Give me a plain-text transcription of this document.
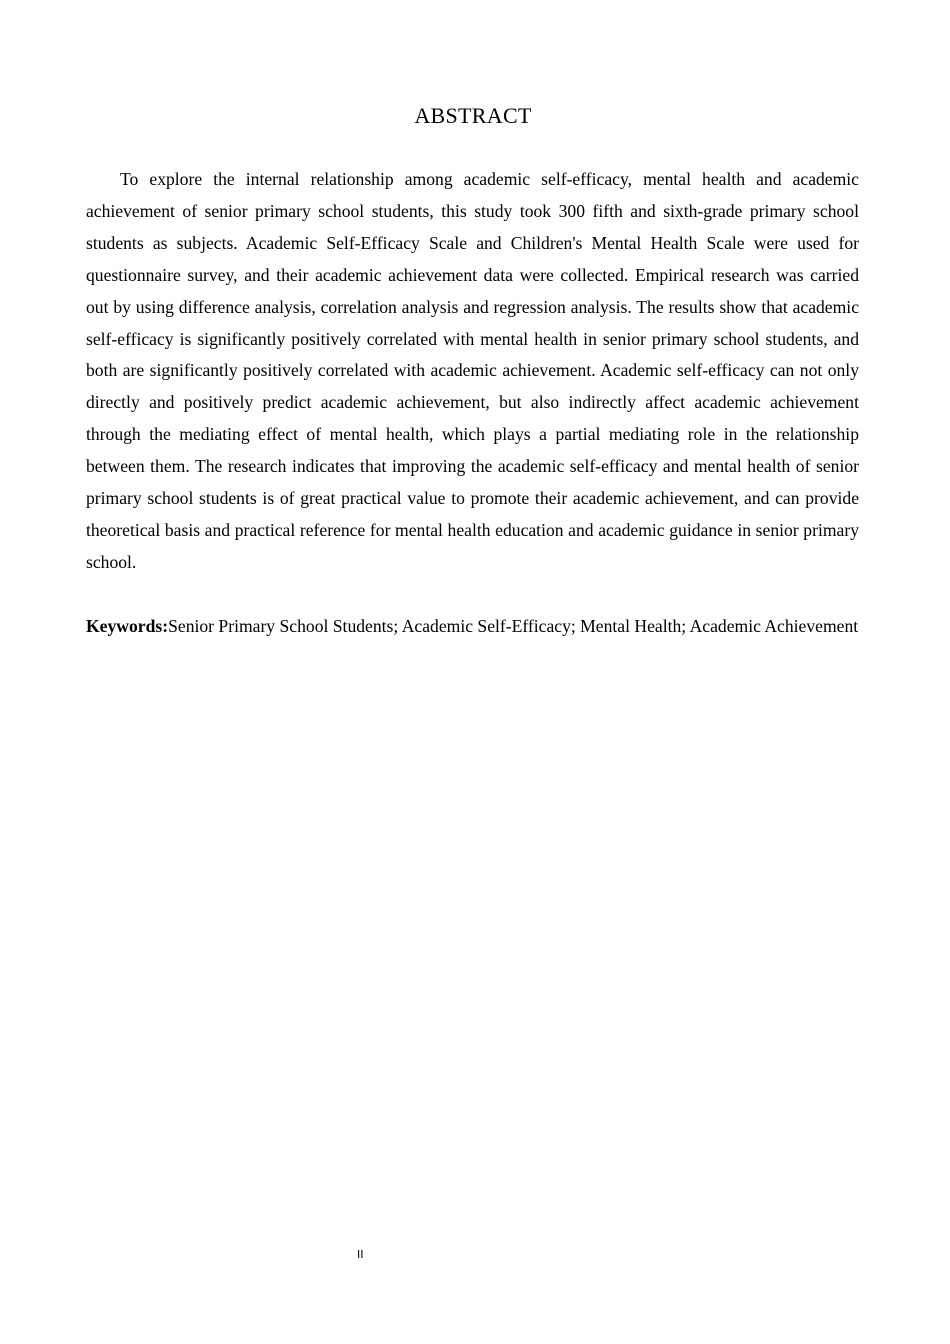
ABSTRACT

To explore the internal relationship among academic self-efficacy, mental health and academic achievement of senior primary school students, this study took 300 fifth and sixth-grade primary school students as subjects. Academic Self-Efficacy Scale and Children's Mental Health Scale were used for questionnaire survey, and their academic achievement data were collected. Empirical research was carried out by using difference analysis, correlation analysis and regression analysis. The results show that academic self-efficacy is significantly positively correlated with mental health in senior primary school students, and both are significantly positively correlated with academic achievement. Academic self-efficacy can not only directly and positively predict academic achievement, but also indirectly affect academic achievement through the mediating effect of mental health, which plays a partial mediating role in the relationship between them. The research indicates that improving the academic self-efficacy and mental health of senior primary school students is of great practical value to promote their academic achievement, and can provide theoretical basis and practical reference for mental health education and academic guidance in senior primary school.

Keywords:Senior Primary School Students; Academic Self-Efficacy; Mental Health; Academic Achievement

II
